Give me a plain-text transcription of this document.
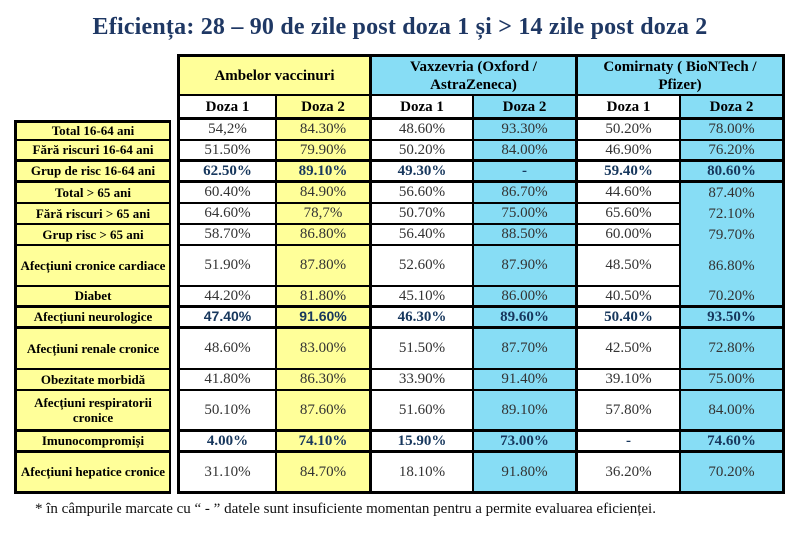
Eficiența: 28 – 90 de zile post doza 1 și > 14 zile post doza 2
Ambelor vaccinuri
Vaxzevria (Oxford / AstraZeneca)
Comirnaty ( BioNTech / Pfizer)
Doza 1	Doza 2	Doza 1	Doza 2	Doza 1	Doza 2
Total 16-64 ani	54,2%	84.30%	48.60%	93.30%	50.20%	78.00%
Fără riscuri 16-64 ani	51.50%	79.90%	50.20%	84.00%	46.90%	76.20%
Grup de risc 16-64 ani	62.50%	89.10%	49.30%	-	59.40%	80.60%
Total > 65 ani	60.40%	84.90%	56.60%	86.70%	44.60%	87.40%
Fără riscuri > 65 ani	64.60%	78,7%	50.70%	75.00%	65.60%	72.10%
Grup risc > 65 ani	58.70%	86.80%	56.40%	88.50%	60.00%	79.70%
Afecțiuni cronice cardiace	51.90%	87.80%	52.60%	87.90%	48.50%	86.80%
Diabet	44.20%	81.80%	45.10%	86.00%	40.50%	70.20%
Afecțiuni neurologice	47.40%	91.60%	46.30%	89.60%	50.40%	93.50%
Afecțiuni renale cronice	48.60%	83.00%	51.50%	87.70%	42.50%	72.80%
Obezitate morbidă	41.80%	86.30%	33.90%	91.40%	39.10%	75.00%
Afecțiuni respiratorii cronice	50.10%	87.60%	51.60%	89.10%	57.80%	84.00%
Imunocompromiși	4.00%	74.10%	15.90%	73.00%	-	74.60%
Afecțiuni hepatice cronice	31.10%	84.70%	18.10%	91.80%	36.20%	70.20%
* în câmpurile marcate cu “ - ” datele sunt insuficiente momentan pentru a permite evaluarea eficienței.
